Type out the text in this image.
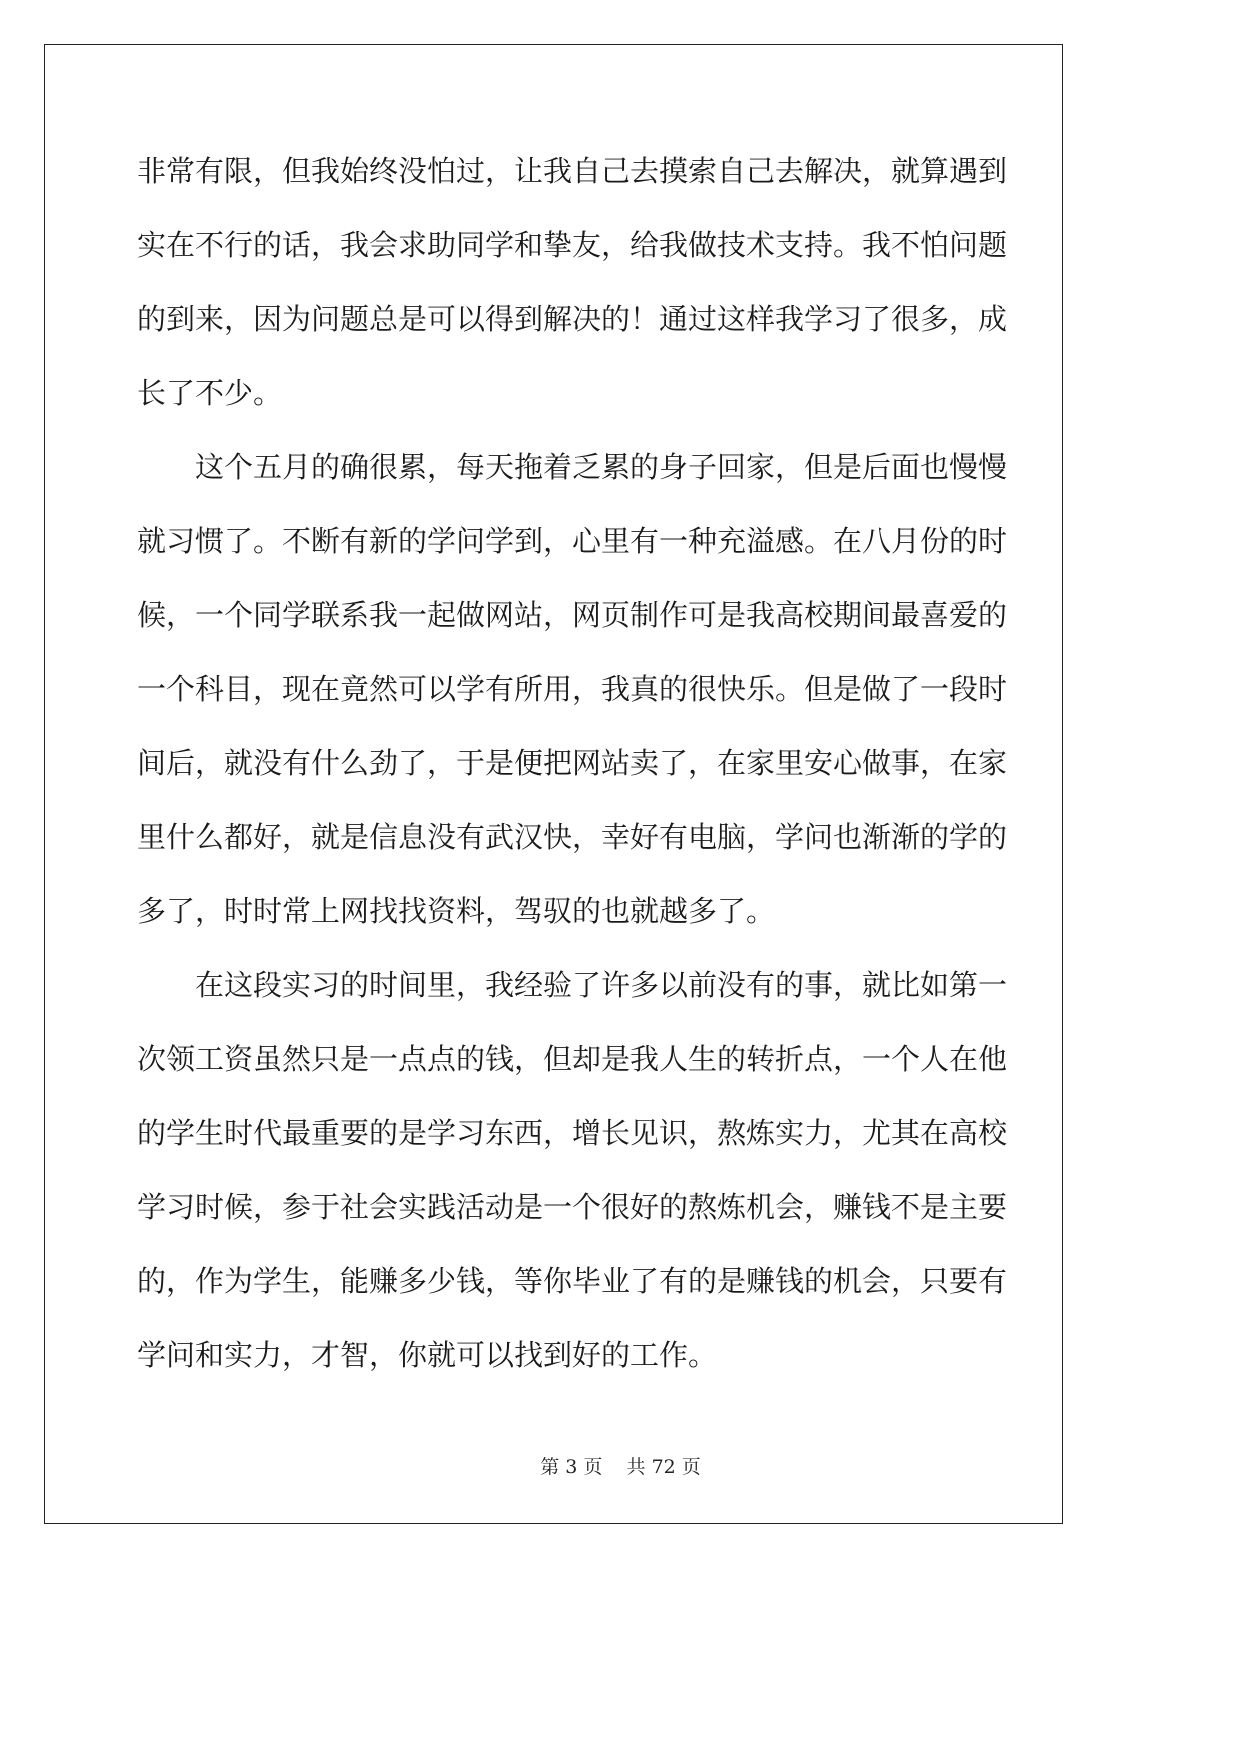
非常有限，但我始终没怕过，让我自己去摸索自己去解决，就算遇到
实在不行的话，我会求助同学和挚友，给我做技术支持。我不怕问题
的到来，因为问题总是可以得到解决的！通过这样我学习了很多，成
长了不少。
这个五月的确很累，每天拖着乏累的身子回家，但是后面也慢慢
就习惯了。不断有新的学问学到，心里有一种充溢感。在八月份的时
候，一个同学联系我一起做网站，网页制作可是我高校期间最喜爱的
一个科目，现在竟然可以学有所用，我真的很快乐。但是做了一段时
间后，就没有什么劲了，于是便把网站卖了，在家里安心做事，在家
里什么都好，就是信息没有武汉快，幸好有电脑，学问也渐渐的学的
多了，时时常上网找找资料，驾驭的也就越多了。
在这段实习的时间里，我经验了许多以前没有的事，就比如第一
次领工资虽然只是一点点的钱，但却是我人生的转折点，一个人在他
的学生时代最重要的是学习东西，增长见识，熬炼实力，尤其在高校
学习时候，参于社会实践活动是一个很好的熬炼机会，赚钱不是主要
的，作为学生，能赚多少钱，等你毕业了有的是赚钱的机会，只要有
学问和实力，才智，你就可以找到好的工作。
第 3 页    共 72 页
